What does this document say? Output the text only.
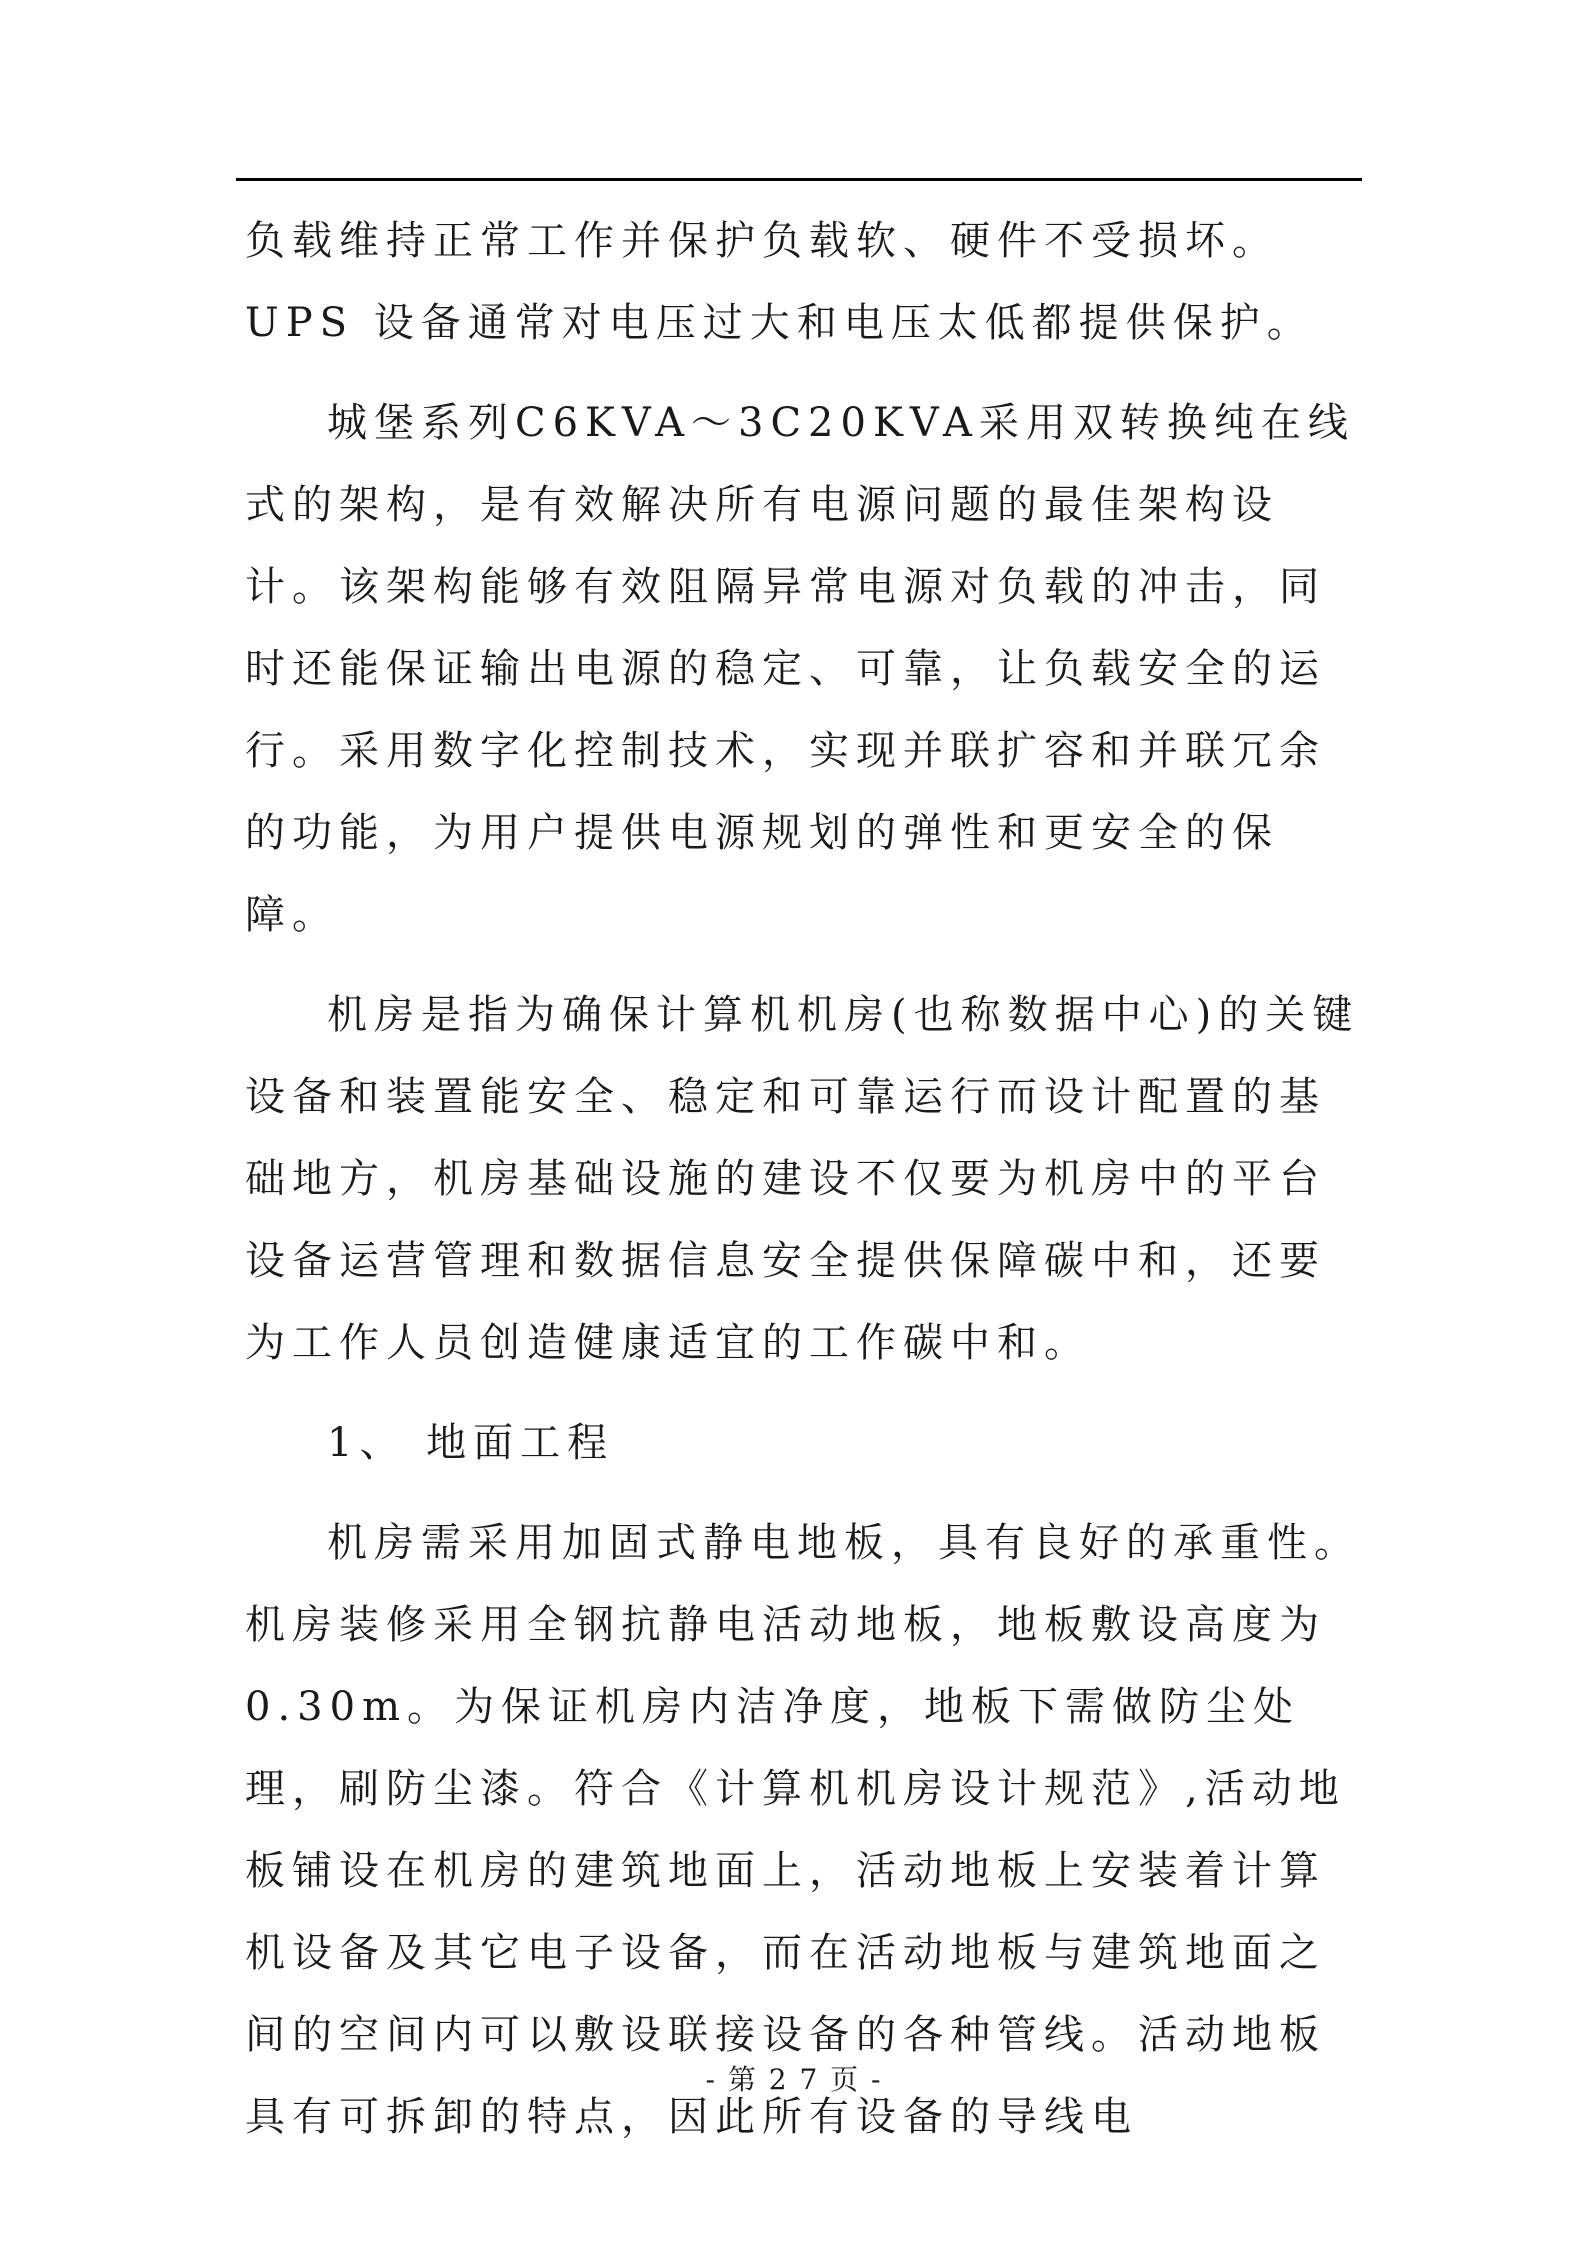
负载维持正常工作并保护负载软、硬件不受损坏。UPS 设备通常对电压过大和电压太低都提供保护。

城堡系列C6KVA～3C20KVA采用双转换纯在线式的架构，是有效解决所有电源问题的最佳架构设计。该架构能够有效阻隔异常电源对负载的冲击，同时还能保证输出电源的稳定、可靠，让负载安全的运行。采用数字化控制技术，实现并联扩容和并联冗余的功能，为用户提供电源规划的弹性和更安全的保障。

机房是指为确保计算机机房(也称数据中心)的关键设备和装置能安全、稳定和可靠运行而设计配置的基础地方，机房基础设施的建设不仅要为机房中的平台设备运营管理和数据信息安全提供保障碳中和，还要为工作人员创造健康适宜的工作碳中和。

1、 地面工程

机房需采用加固式静电地板，具有良好的承重性。机房装修采用全钢抗静电活动地板，地板敷设高度为0.30m。为保证机房内洁净度，地板下需做防尘处理，刷防尘漆。符合《计算机机房设计规范》,活动地板铺设在机房的建筑地面上，活动地板上安装着计算机设备及其它电子设备，而在活动地板与建筑地面之间的空间内可以敷设联接设备的各种管线。活动地板具有可拆卸的特点，因此所有设备的导线电

- 第 2 7 页 -
